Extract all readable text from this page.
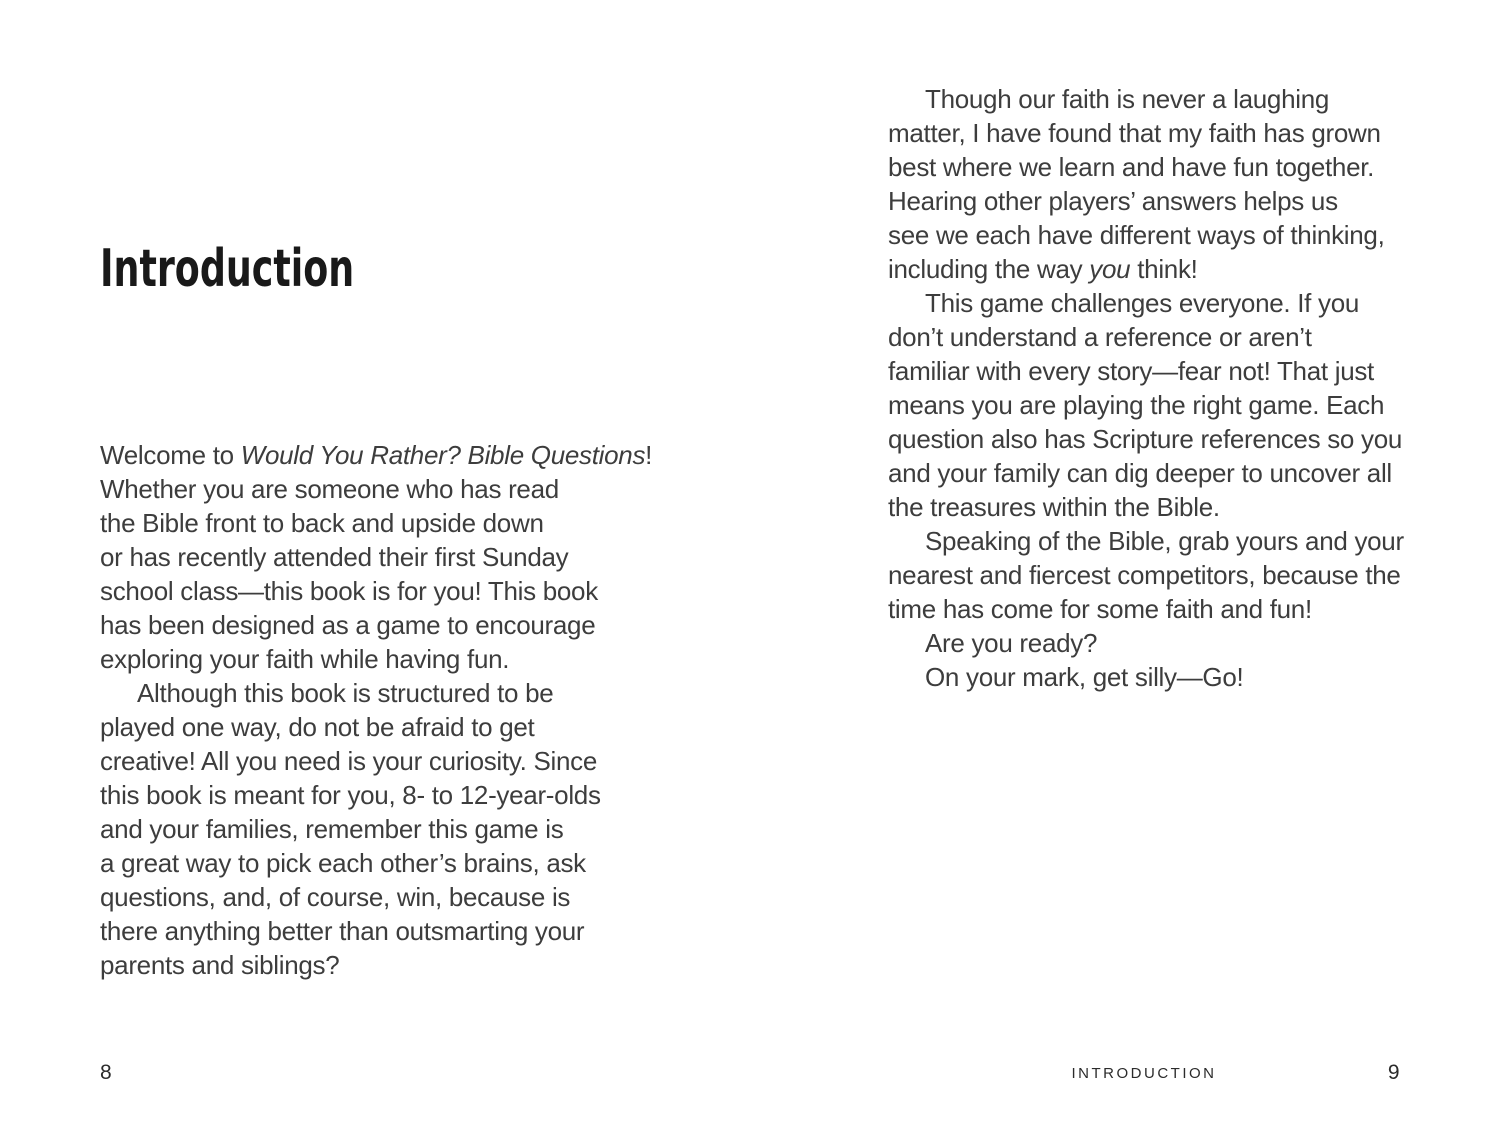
Introduction
Welcome to Would You Rather? Bible Questions!
Whether you are someone who has read
the Bible front to back and upside down
or has recently attended their first Sunday
school class—this book is for you! This book
has been designed as a game to encourage
exploring your faith while having fun.
Although this book is structured to be
played one way, do not be afraid to get
creative! All you need is your curiosity. Since
this book is meant for you, 8- to 12-year-olds
and your families, remember this game is
a great way to pick each other’s brains, ask
questions, and, of course, win, because is
there anything better than outsmarting your
parents and siblings?
8
Though our faith is never a laughing
matter, I have found that my faith has grown
best where we learn and have fun together.
Hearing other players’ answers helps us
see we each have different ways of thinking,
including the way you think!
This game challenges everyone. If you
don’t understand a reference or aren’t
familiar with every story—fear not! That just
means you are playing the right game. Each
question also has Scripture references so you
and your family can dig deeper to uncover all
the treasures within the Bible.
Speaking of the Bible, grab yours and your
nearest and fiercest competitors, because the
time has come for some faith and fun!
Are you ready?
On your mark, get silly—Go!
INTRODUCTION	9
